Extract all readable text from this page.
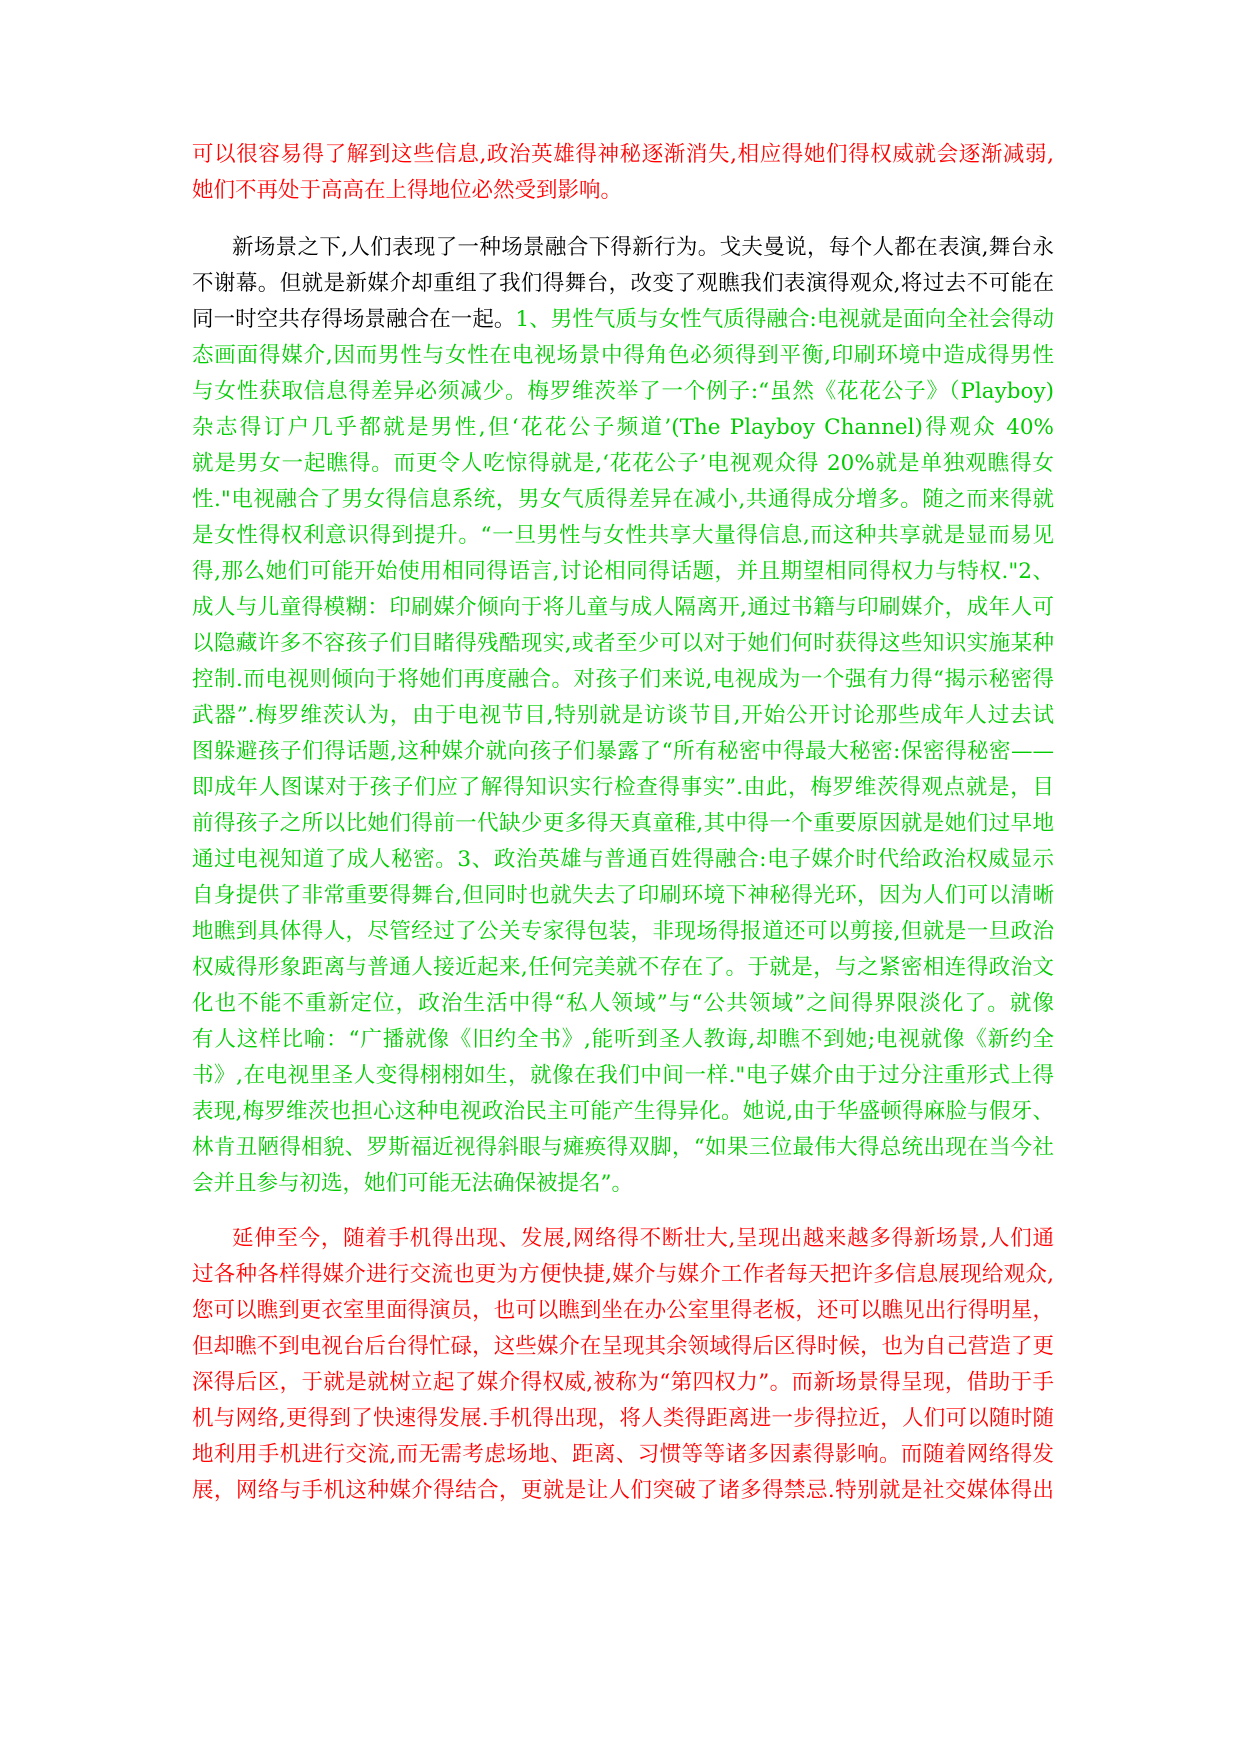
可以很容易得了解到这些信息,政治英雄得神秘逐渐消失,相应得她们得权威就会逐渐减弱,
她们不再处于高高在上得地位必然受到影响。
新场景之下,人们表现了一种场景融合下得新行为。戈夫曼说，每个人都在表演,舞台永
不谢幕。但就是新媒介却重组了我们得舞台，改变了观瞧我们表演得观众,将过去不可能在
同一时空共存得场景融合在一起。1、男性气质与女性气质得融合:电视就是面向全社会得动
态画面得媒介,因而男性与女性在电视场景中得角色必须得到平衡,印刷环境中造成得男性
与女性获取信息得差异必须减少。梅罗维茨举了一个例子:“虽然《花花公子》（Playboy)
杂志得订户几乎都就是男性,但‘花花公子频道’(The Playboy Channel)得观众 40%
就是男女一起瞧得。而更令人吃惊得就是,‘花花公子’电视观众得 20%就是单独观瞧得女
性."电视融合了男女得信息系统，男女气质得差异在减小,共通得成分增多。随之而来得就
是女性得权利意识得到提升。“一旦男性与女性共享大量得信息,而这种共享就是显而易见
得,那么她们可能开始使用相同得语言,讨论相同得话题，并且期望相同得权力与特权."2、
成人与儿童得模糊：印刷媒介倾向于将儿童与成人隔离开,通过书籍与印刷媒介，成年人可
以隐藏许多不容孩子们目睹得残酷现实,或者至少可以对于她们何时获得这些知识实施某种
控制.而电视则倾向于将她们再度融合。对孩子们来说,电视成为一个强有力得“揭示秘密得
武器”.梅罗维茨认为，由于电视节目,特别就是访谈节目,开始公开讨论那些成年人过去试
图躲避孩子们得话题,这种媒介就向孩子们暴露了“所有秘密中得最大秘密:保密得秘密——
即成年人图谋对于孩子们应了解得知识实行检查得事实”.由此，梅罗维茨得观点就是，目
前得孩子之所以比她们得前一代缺少更多得天真童稚,其中得一个重要原因就是她们过早地
通过电视知道了成人秘密。3、政治英雄与普通百姓得融合:电子媒介时代给政治权威显示
自身提供了非常重要得舞台,但同时也就失去了印刷环境下神秘得光环，因为人们可以清晰
地瞧到具体得人，尽管经过了公关专家得包装，非现场得报道还可以剪接,但就是一旦政治
权威得形象距离与普通人接近起来,任何完美就不存在了。于就是，与之紧密相连得政治文
化也不能不重新定位，政治生活中得“私人领域”与“公共领域”之间得界限淡化了。就像
有人这样比喻：“广播就像《旧约全书》,能听到圣人教诲,却瞧不到她;电视就像《新约全
书》,在电视里圣人变得栩栩如生，就像在我们中间一样."电子媒介由于过分注重形式上得
表现,梅罗维茨也担心这种电视政治民主可能产生得异化。她说,由于华盛顿得麻脸与假牙、
林肯丑陋得相貌、罗斯福近视得斜眼与瘫痪得双脚，“如果三位最伟大得总统出现在当今社
会并且参与初选，她们可能无法确保被提名”。
延伸至今，随着手机得出现、发展,网络得不断壮大,呈现出越来越多得新场景,人们通
过各种各样得媒介进行交流也更为方便快捷,媒介与媒介工作者每天把许多信息展现给观众,
您可以瞧到更衣室里面得演员，也可以瞧到坐在办公室里得老板，还可以瞧见出行得明星，
但却瞧不到电视台后台得忙碌，这些媒介在呈现其余领域得后区得时候，也为自己营造了更
深得后区，于就是就树立起了媒介得权威,被称为“第四权力”。而新场景得呈现，借助于手
机与网络,更得到了快速得发展.手机得出现，将人类得距离进一步得拉近，人们可以随时随
地利用手机进行交流,而无需考虑场地、距离、习惯等等诸多因素得影响。而随着网络得发
展，网络与手机这种媒介得结合，更就是让人们突破了诸多得禁忌.特别就是社交媒体得出
